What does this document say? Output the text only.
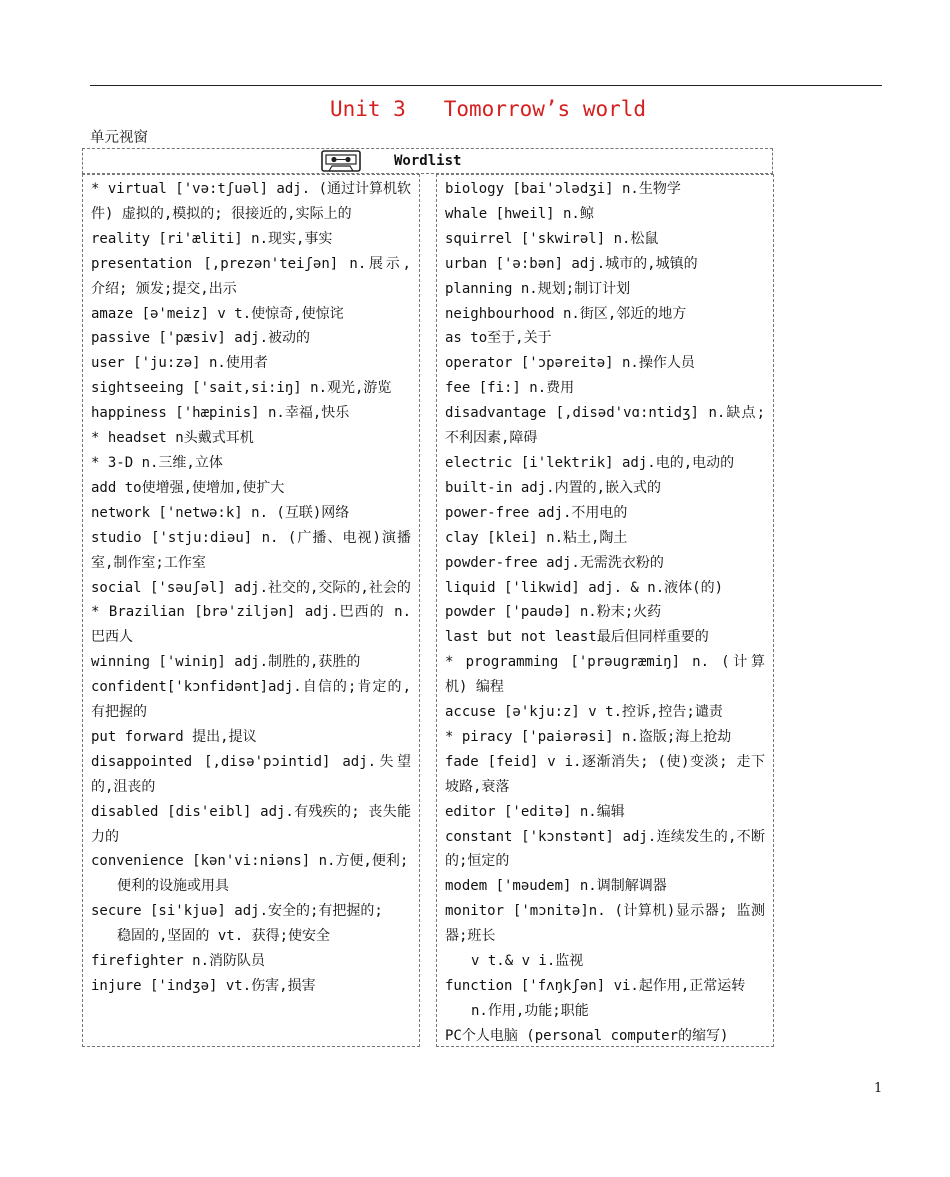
Unit 3   Tomorrow’s world
单元视窗
Wordlist
* virtual ['vә:tʃuәl] adj. (通过计算机软件) 虚拟的,模拟的; 很接近的,实际上的
reality [ri'æliti] n.现实,事实
presentation [,prezәn'teiʃәn] n.展示,介绍; 颁发;提交,出示
amaze [ә'meiz] v t.使惊奇,使惊诧
passive ['pæsiv] adj.被动的
user ['ju:zә] n.使用者
sightseeing ['sait,si:iŋ] n.观光,游览
happiness ['hæpinis] n.幸福,快乐
* headset n头戴式耳机
* 3-D n.三维,立体
add to使增强,使增加,使扩大
network ['netwә:k] n. (互联)网络
studio ['stju:diәu] n. (广播、电视)演播室,制作室;工作室
social ['sәuʃәl] adj.社交的,交际的,社会的
* Brazilian [brә'ziljәn] adj.巴西的 n.巴西人
winning ['winiŋ] adj.制胜的,获胜的
confident['kɔnfidәnt]adj.自信的;肯定的,有把握的
put forward 提出,提议
disappointed [,disә'pɔintid] adj.失望的,沮丧的
disabled [dis'eibl] adj.有残疾的; 丧失能力的
convenience [kәn'vi:niәns] n.方便,便利;
便利的设施或用具
secure [si'kjuә] adj.安全的;有把握的;
稳固的,坚固的 vt. 获得;使安全
firefighter n.消防队员
injure ['indʒә] vt.伤害,损害
biology [bai'ɔlәdʒi] n.生物学
whale [hweil] n.鲸
squirrel ['skwirәl] n.松鼠
urban ['ә:bәn] adj.城市的,城镇的
planning n.规划;制订计划
neighbourhood n.街区,邻近的地方
as to至于,关于
operator ['ɔpәreitә] n.操作人员
fee [fi:] n.费用
disadvantage [,disәd'vɑ:ntidʒ] n.缺点;不利因素,障碍
electric [i'lektrik] adj.电的,电动的
built-in adj.内置的,嵌入式的
power-free adj.不用电的
clay [klei] n.粘土,陶土
powder-free adj.无需洗衣粉的
liquid ['likwid] adj. & n.液体(的)
powder ['paudә] n.粉末;火药
last but not least最后但同样重要的
* programming ['prәugræmiŋ] n. (计算机) 编程
accuse [ә'kju:z] v t.控诉,控告;谴责
* piracy ['paiәrәsi] n.盗版;海上抢劫
fade [feid] v i.逐渐消失; (使)变淡; 走下坡路,衰落
editor ['editә] n.编辑
constant ['kɔnstәnt] adj.连续发生的,不断的;恒定的
modem ['mәudem] n.调制解调器
monitor ['mɔnitә]n. (计算机)显示器; 监测器;班长
v t.& v i.监视
function ['fʌŋkʃәn] vi.起作用,正常运转
n.作用,功能;职能
PC个人电脑 (personal computer的缩写)
1
